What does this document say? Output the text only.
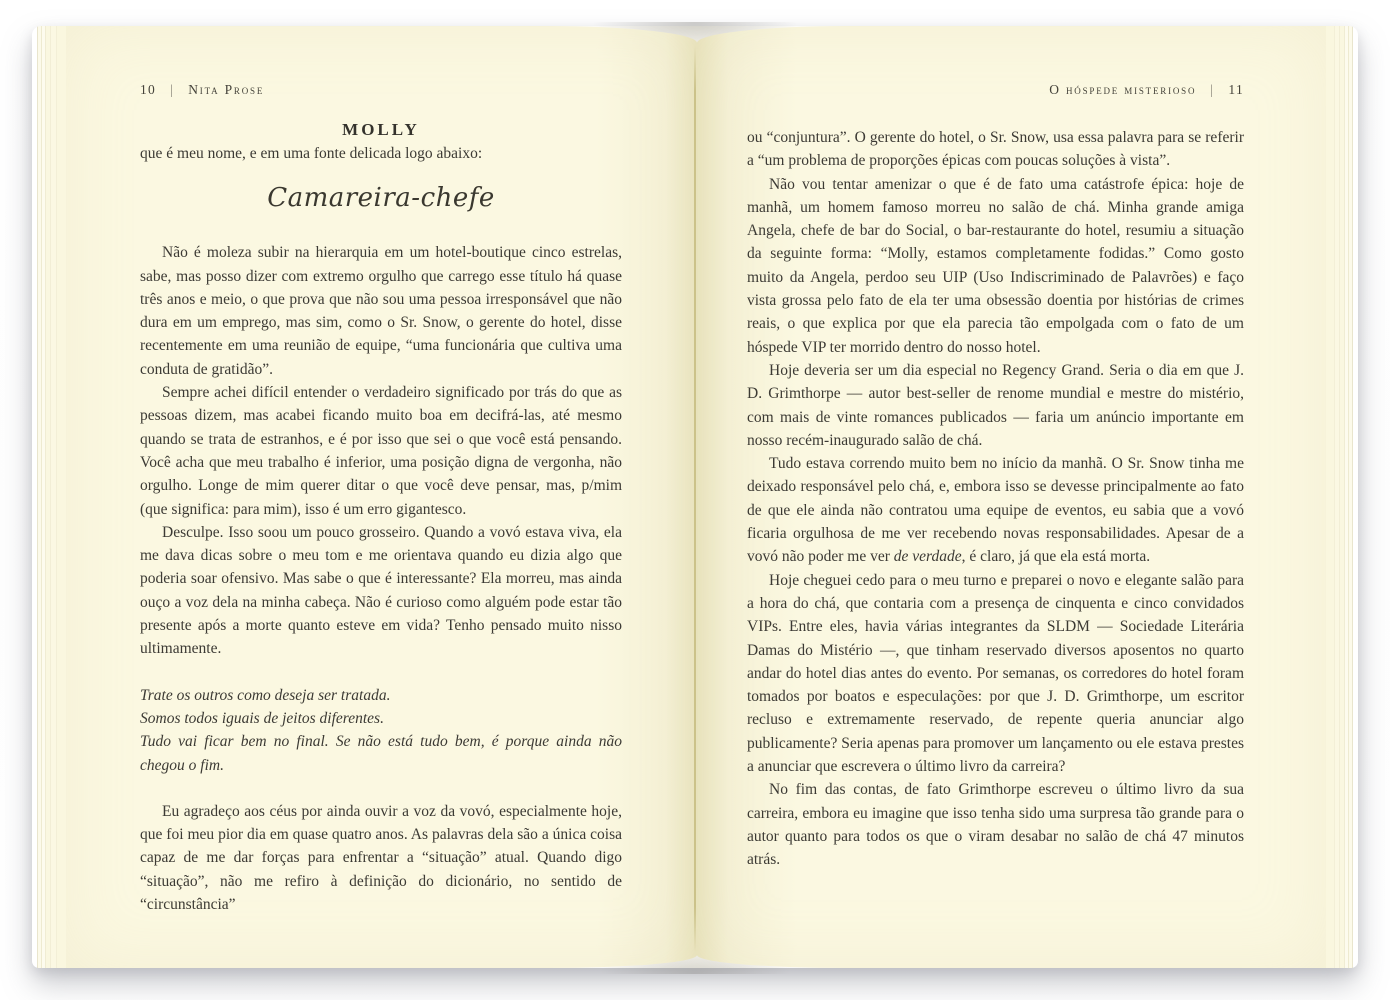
10	|	Nita Prose
MOLLY

que é meu nome, e em uma fonte delicada logo abaixo:

Camareira-chefe

Não é moleza subir na hierarquia em um hotel-boutique cinco estrelas, sabe, mas posso dizer com extremo orgulho que carrego esse título há quase três anos e meio, o que prova que não sou uma pessoa irresponsável que não dura em um emprego, mas sim, como o Sr. Snow, o gerente do hotel, disse recentemente em uma reunião de equipe, “uma funcionária que cultiva uma conduta de gratidão”.

Sempre achei difícil entender o verdadeiro significado por trás do que as pessoas dizem, mas acabei ficando muito boa em decifrá-las, até mesmo quando se trata de estranhos, e é por isso que sei o que você está pensando. Você acha que meu trabalho é inferior, uma posição digna de vergonha, não orgulho. Longe de mim querer ditar o que você deve pensar, mas, p/mim (que significa: para mim), isso é um erro gigantesco.

Desculpe. Isso soou um pouco grosseiro. Quando a vovó estava viva, ela me dava dicas sobre o meu tom e me orientava quando eu dizia algo que poderia soar ofensivo. Mas sabe o que é interessante? Ela morreu, mas ainda ouço a voz dela na minha cabeça. Não é curioso como alguém pode estar tão presente após a morte quanto esteve em vida? Tenho pensado muito nisso ultimamente.

Trate os outros como deseja ser tratada.

Somos todos iguais de jeitos diferentes.

Tudo vai ficar bem no final. Se não está tudo bem, é porque ainda não chegou o fim.

Eu agradeço aos céus por ainda ouvir a voz da vovó, especialmente hoje, que foi meu pior dia em quase quatro anos. As palavras dela são a única coisa capaz de me dar forças para enfrentar a “situação” atual. Quando digo “situação”, não me refiro à definição do dicionário, no sentido de “circunstância”

O hóspede misterioso	|	11

ou “conjuntura”. O gerente do hotel, o Sr. Snow, usa essa palavra para se referir a “um problema de proporções épicas com poucas soluções à vista”.

Não vou tentar amenizar o que é de fato uma catástrofe épica: hoje de manhã, um homem famoso morreu no salão de chá. Minha grande amiga Angela, chefe de bar do Social, o bar-restaurante do hotel, resumiu a situação da seguinte forma: “Molly, estamos completamente fodidas.” Como gosto muito da Angela, perdoo seu UIP (Uso Indiscriminado de Palavrões) e faço vista grossa pelo fato de ela ter uma obsessão doentia por histórias de crimes reais, o que explica por que ela parecia tão empolgada com o fato de um hóspede VIP ter morrido dentro do nosso hotel.

Hoje deveria ser um dia especial no Regency Grand. Seria o dia em que J. D. Grimthorpe — autor best-seller de renome mundial e mestre do mistério, com mais de vinte romances publicados — faria um anúncio importante em nosso recém-inaugurado salão de chá.

Tudo estava correndo muito bem no início da manhã. O Sr. Snow tinha me deixado responsável pelo chá, e, embora isso se devesse principalmente ao fato de que ele ainda não contratou uma equipe de eventos, eu sabia que a vovó ficaria orgulhosa de me ver recebendo novas responsabilidades. Apesar de a vovó não poder me ver de verdade, é claro, já que ela está morta.

Hoje cheguei cedo para o meu turno e preparei o novo e elegante salão para a hora do chá, que contaria com a presença de cinquenta e cinco convidados VIPs. Entre eles, havia várias integrantes da SLDM — Sociedade Literária Damas do Mistério —, que tinham reservado diversos aposentos no quarto andar do hotel dias antes do evento. Por semanas, os corredores do hotel foram tomados por boatos e especulações: por que J. D. Grimthorpe, um escritor recluso e extremamente reservado, de repente queria anunciar algo publicamente? Seria apenas para promover um lançamento ou ele estava prestes a anunciar que escrevera o último livro da carreira?

No fim das contas, de fato Grimthorpe escreveu o último livro da sua carreira, embora eu imagine que isso tenha sido uma surpresa tão grande para o autor quanto para todos os que o viram desabar no salão de chá 47 minutos atrás.
